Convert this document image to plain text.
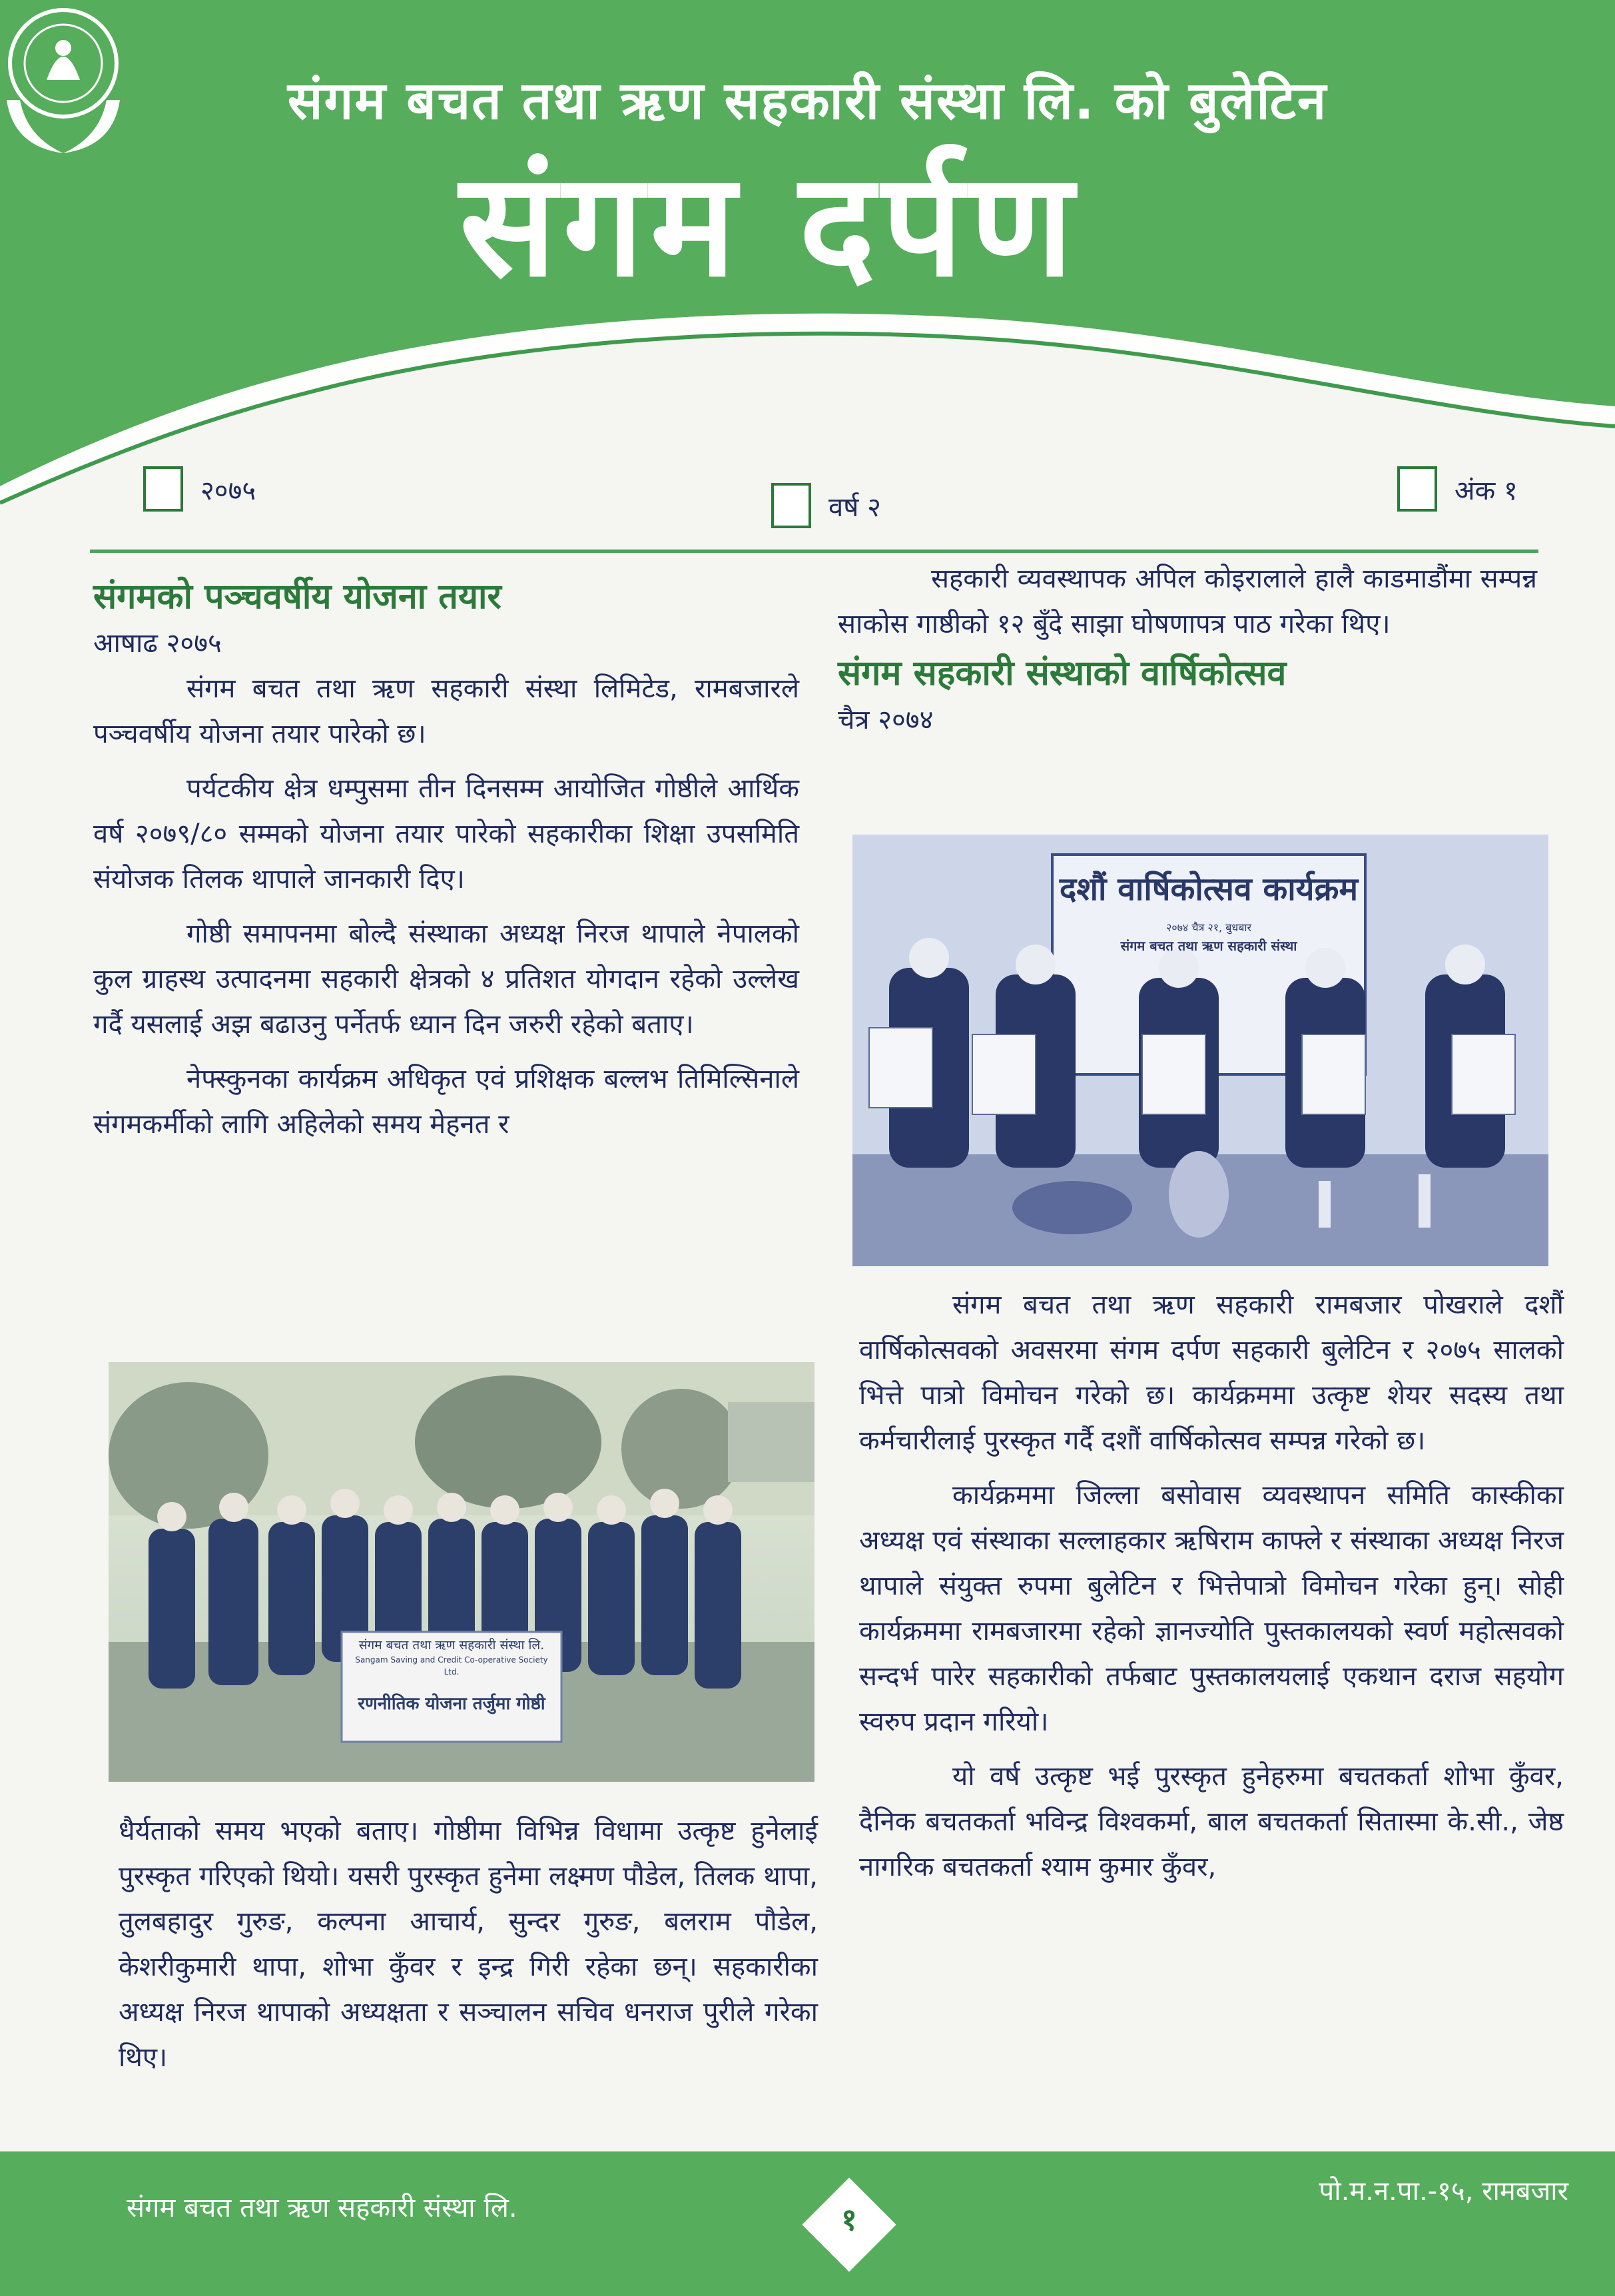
संगम बचत तथा ऋण सहकारी संस्था लि. को बुलेटिन
संगम दर्पण
२०७५
वर्ष २
अंक १
संगमको पञ्चवर्षीय योजना तयार
आषाढ २०७५

संगम बचत तथा ऋण सहकारी संस्था लिमिटेड, रामबजारले पञ्चवर्षीय योजना तयार पारेको छ।

पर्यटकीय क्षेत्र धम्पुसमा तीन दिनसम्म आयोजित गोष्ठीले आर्थिक वर्ष २०७९/८० सम्मको योजना तयार पारेको सहकारीका शिक्षा उपसमिति संयोजक तिलक थापाले जानकारी दिए।

गोष्ठी समापनमा बोल्दै संस्थाका अध्यक्ष निरज थापाले नेपालको कुल ग्राहस्थ उत्पादनमा सहकारी क्षेत्रको ४ प्रतिशत योगदान रहेको उल्लेख गर्दै यसलाई अझ बढाउनु पर्नेतर्फ ध्यान दिन जरुरी रहेको बताए।

नेफ्स्कुनका कार्यक्रम अधिकृत एवं प्रशिक्षक बल्लभ तिमिल्सिनाले संगमकर्मीको लागि अहिलेको समय मेहनत र

संगम बचत तथा ऋण सहकारी संस्था लि.
Sangam Saving and Credit Co-operative Society Ltd.
रणनीतिक योजना तर्जुमा गोष्ठी

धैर्यताको समय भएको बताए। गोष्ठीमा विभिन्न विधामा उत्कृष्ट हुनेलाई पुरस्कृत गरिएको थियो। यसरी पुरस्कृत हुनेमा लक्ष्मण पौडेल, तिलक थापा, तुलबहादुर गुरुङ, कल्पना आचार्य, सुन्दर गुरुङ, बलराम पौडेल, केशरीकुमारी थापा, शोभा कुँवर र इन्द्र गिरी रहेका छन्। सहकारीका अध्यक्ष निरज थापाको अध्यक्षता र सञ्चालन सचिव धनराज पुरीले गरेका थिए।

सहकारी व्यवस्थापक अपिल कोइरालाले हालै काडमाडौंमा सम्पन्न साकोस गाष्ठीको १२ बुँदे साझा घोषणापत्र पाठ गरेका थिए।

संगम सहकारी संस्थाको वार्षिकोत्सव
चैत्र २०७४
दशौं वार्षिकोत्सव कार्यक्रम
२०७४ चैत्र २१, बुधबार
संगम बचत तथा ऋण सहकारी संस्था

संगम बचत तथा ऋण सहकारी रामबजार पोखराले दशौं वार्षिकोत्सवको अवसरमा संगम दर्पण सहकारी बुलेटिन र २०७५ सालको भित्ते पात्रो विमोचन गरेको छ। कार्यक्रममा उत्कृष्ट शेयर सदस्य तथा कर्मचारीलाई पुरस्कृत गर्दै दशौं वार्षिकोत्सव सम्पन्न गरेको छ।

कार्यक्रममा जिल्ला बसोवास व्यवस्थापन समिति कास्कीका अध्यक्ष एवं संस्थाका सल्लाहकार ऋषिराम काफ्ले र संस्थाका अध्यक्ष निरज थापाले संयुक्त रुपमा बुलेटिन र भित्तेपात्रो विमोचन गरेका हुन्। सोही कार्यक्रममा रामबजारमा रहेको ज्ञानज्योति पुस्तकालयको स्वर्ण महोत्सवको सन्दर्भ पारेर सहकारीको तर्फबाट पुस्तकालयलाई एकथान दराज सहयोग स्वरुप प्रदान गरियो।

यो वर्ष उत्कृष्ट भई पुरस्कृत हुनेहरुमा बचतकर्ता शोभा कुँवर, दैनिक बचतकर्ता भविन्द्र विश्वकर्मा, बाल बचतकर्ता सितास्मा के.सी., जेष्ठ नागरिक बचतकर्ता श्याम कुमार कुँवर,

संगम बचत तथा ऋण सहकारी संस्था लि.	१
पो.म.न.पा.-१५, रामबजार
